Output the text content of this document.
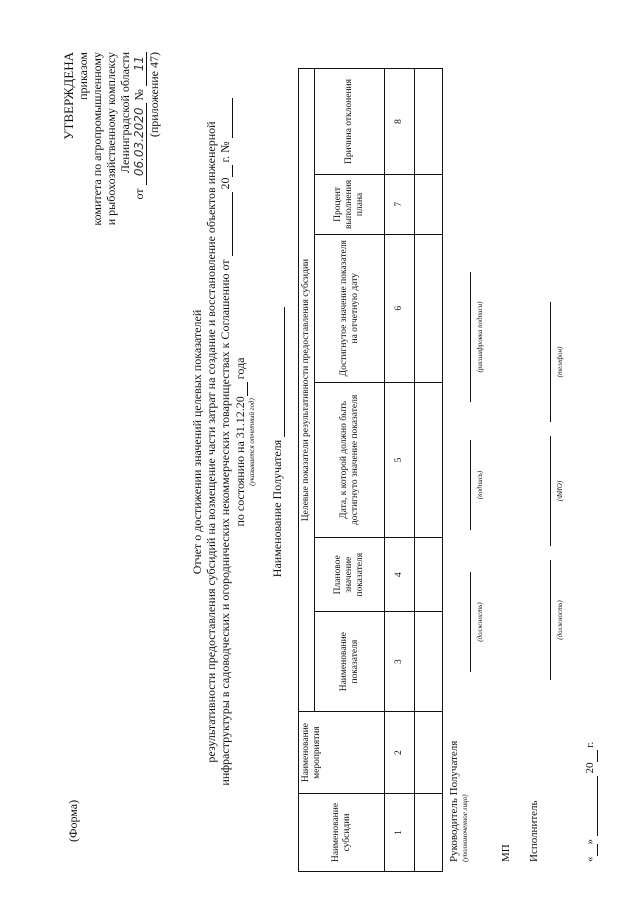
УТВЕРЖДЕНА приказом комитета по агропромышленному и рыбохозяйственному комплексу Ленинградской области
от 06.03.2020 № 11 (приложение 47)
(Форма)
Отчет о достижении значений целевых показателей результативности предоставления субсидий на возмещение части затрат на создание и восстановление объектов инженерной инфраструктуры в садоводческих и огороднических некоммерческих товариществах к Соглашению от   20  г. №
по состоянию на 31.12.20  года
(указывается отчетный год) Наименование Получателя
Наименование субсидии	Наименование мероприятия	Целевые показатели результативности предоставления субсидии					
		Наименование показателя	Плановое значение показателя	Дата, к которой должно быть достигнуто значение показателя	Достигнутое значение показателя на отчетную дату	Процент выполнения плана	Причина отклонения
1	2	3	4	5	6	7	8

Руководитель Получателя (уполномоченное лицо)
(должность)
(подпись)
(расшифровка подписи)
МП Исполнитель
(должность)
(ФИО)
(телефон)
« »   20  г.
